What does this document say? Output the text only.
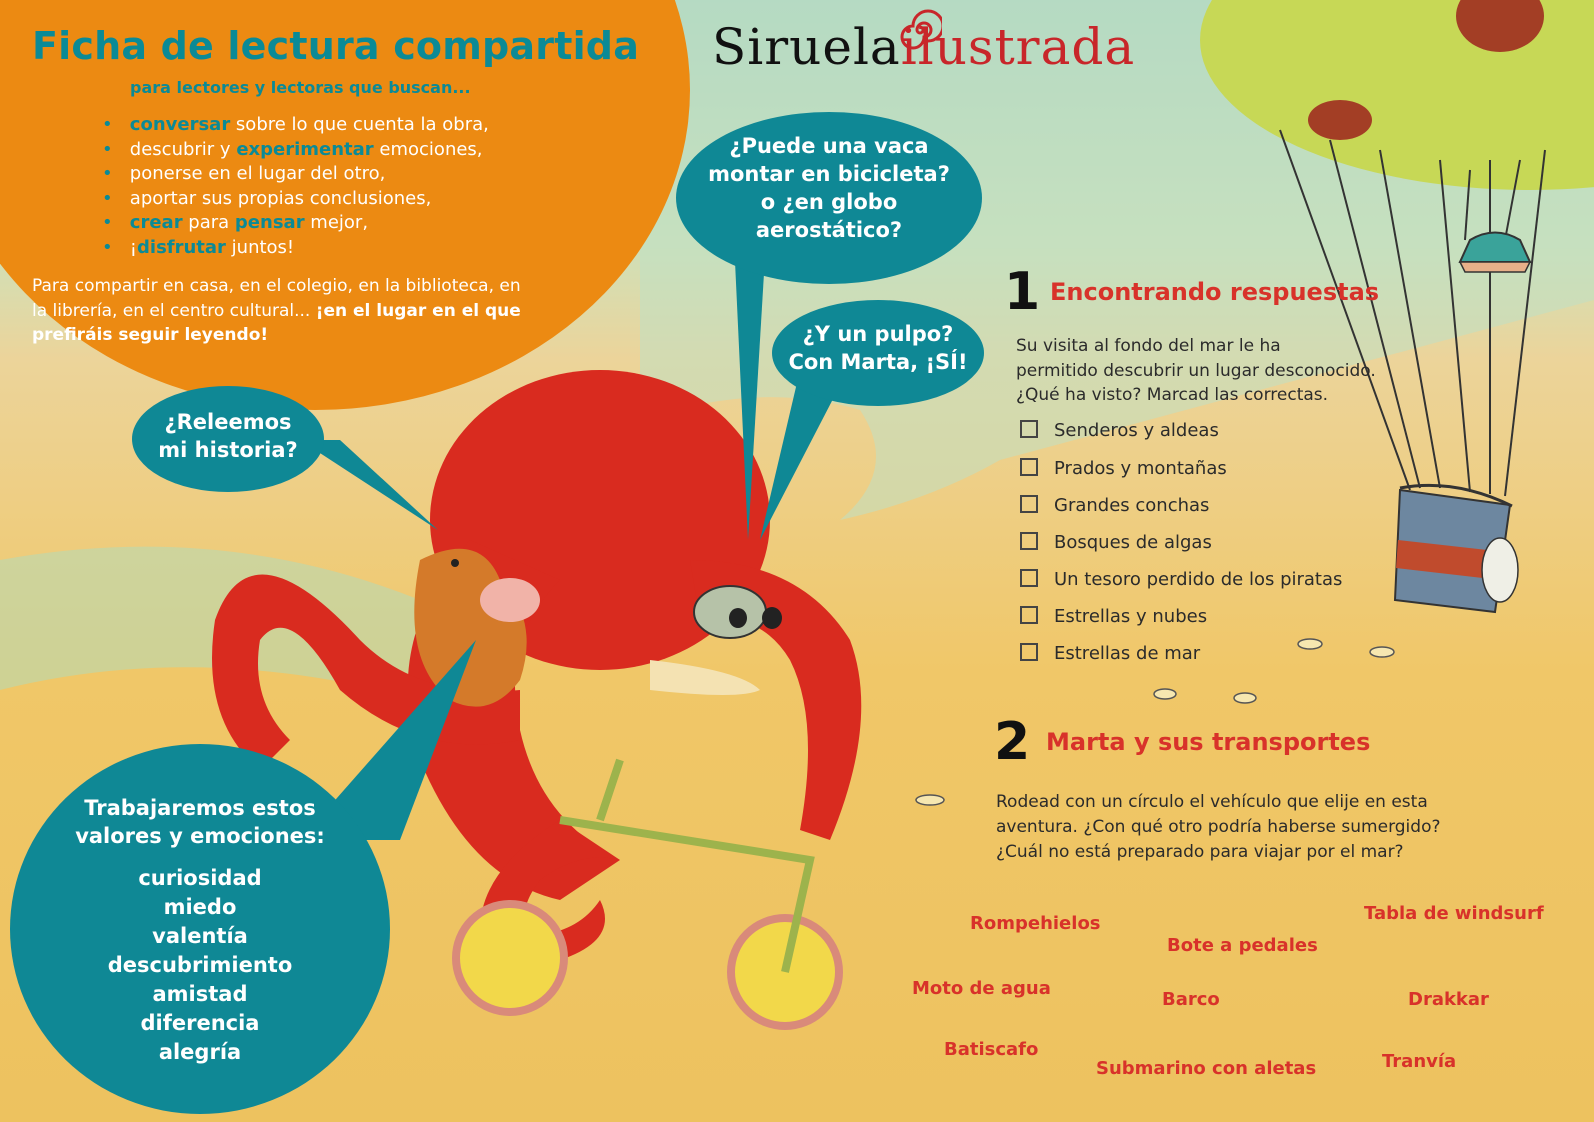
Ficha de lectura compartida
para lectores y lectoras que buscan...
• conversar sobre lo que cuenta la obra,
• descubrir y experimentar emociones,
• ponerse en el lugar del otro,
• aportar sus propias conclusiones,
• crear para pensar mejor,
• ¡disfrutar juntos!
Para compartir en casa, en el colegio, en la biblioteca, en la librería, en el centro cultural... ¡en el lugar en el que prefiráis seguir leyendo!
Siruelailustrada
¿Puede una vaca
montar en bicicleta?
o ¿en globo
aerostático?
¿Y un pulpo?
Con Marta, ¡SÍ!
¿Releemos
mi historia?
Trabajaremos estos
valores y emociones:
curiosidad
miedo
valentía
descubrimiento
amistad
diferencia
alegría
1 Encontrando respuestas
Su visita al fondo del mar le ha
permitido descubrir un lugar desconocido.
¿Qué ha visto? Marcad las correctas.
Senderos y aldeas
Prados y montañas
Grandes conchas
Bosques de algas
Un tesoro perdido de los piratas
Estrellas y nubes
Estrellas de mar
2 Marta y sus transportes
Rodead con un círculo el vehículo que elije en esta
aventura. ¿Con qué otro podría haberse sumergido?
¿Cuál no está preparado para viajar por el mar?
Rompehielos
Bote a pedales
Tabla de windsurf
Moto de agua
Barco	Drakkar
Batiscafo
Submarino con aletas	Tranvía
